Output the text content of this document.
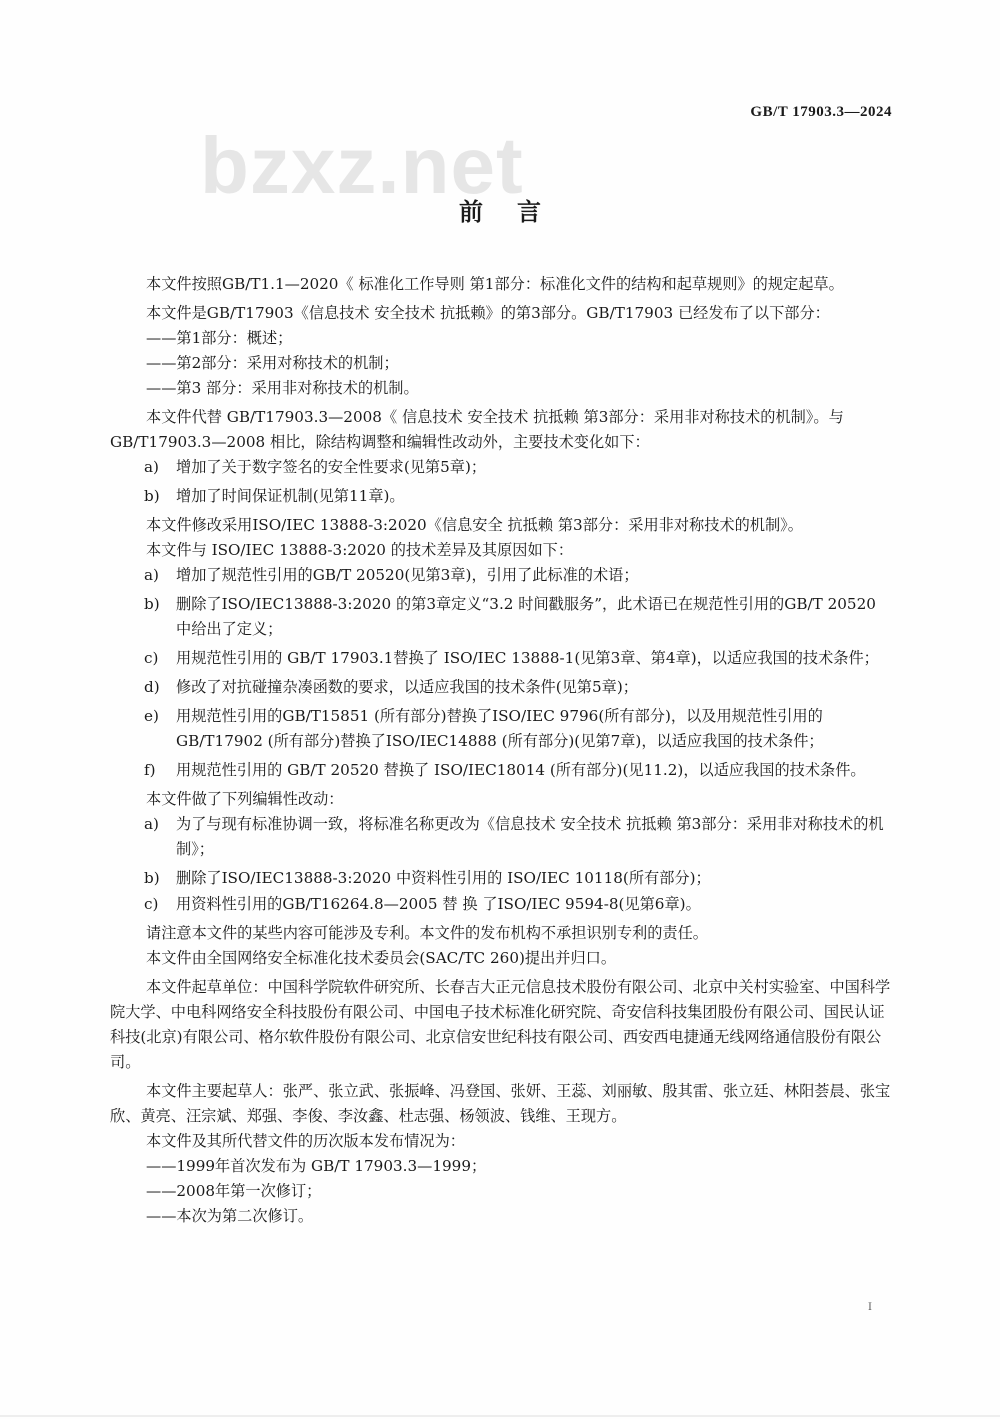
bzxz.net
GB/T 17903.3—2024
前言

本文件按照GB/T1.1—2020《 标准化工作导则 第1部分：标准化文件的结构和起草规则》的规定起草。

本文件是GB/T17903《信息技术 安全技术 抗抵赖》的第3部分。GB/T17903 已经发布了以下部分：

——第1部分：概述；

——第2部分：采用对称技术的机制；

——第3 部分：采用非对称技术的机制。

本文件代替 GB/T17903.3—2008《 信息技术 安全技术 抗抵赖 第3部分：采用非对称技术的机制》。与GB/T17903.3—2008 相比，除结构调整和编辑性改动外，主要技术变化如下：

a) 增加了关于数字签名的安全性要求(见第5章)；
b) 增加了时间保证机制(见第11章)。

本文件修改采用ISO/IEC 13888-3:2020《信息安全 抗抵赖 第3部分：采用非对称技术的机制》。

本文件与 ISO/IEC 13888-3:2020 的技术差异及其原因如下：

a) 增加了规范性引用的GB/T 20520(见第3章)，引用了此标准的术语；
b) 删除了ISO/IEC13888-3:2020 的第3章定义“3.2 时间戳服务”，此术语已在规范性引用的GB/T 20520 中给出了定义；
c) 用规范性引用的 GB/T 17903.1替换了 ISO/IEC 13888-1(见第3章、第4章)，以适应我国的技术条件；
d) 修改了对抗碰撞杂凑函数的要求，以适应我国的技术条件(见第5章)；
e) 用规范性引用的GB/T15851 (所有部分)替换了ISO/IEC 9796(所有部分)，以及用规范性引用的GB/T17902 (所有部分)替换了ISO/IEC14888 (所有部分)(见第7章)，以适应我国的技术条件；
f) 用规范性引用的 GB/T 20520 替换了 ISO/IEC18014 (所有部分)(见11.2)，以适应我国的技术条件。

本文件做了下列编辑性改动：

a) 为了与现有标准协调一致，将标准名称更改为《信息技术 安全技术 抗抵赖 第3部分：采用非对称技术的机制》；
b) 删除了ISO/IEC13888-3:2020 中资料性引用的 ISO/IEC 10118(所有部分)；
c) 用资料性引用的GB/T16264.8—2005 替 换 了ISO/IEC 9594-8(见第6章)。

请注意本文件的某些内容可能涉及专利。本文件的发布机构不承担识别专利的责任。

本文件由全国网络安全标准化技术委员会(SAC/TC 260)提出并归口。

本文件起草单位：中国科学院软件研究所、长春吉大正元信息技术股份有限公司、北京中关村实验室、中国科学院大学、中电科网络安全科技股份有限公司、中国电子技术标准化研究院、奇安信科技集团股份有限公司、国民认证科技(北京)有限公司、格尔软件股份有限公司、北京信安世纪科技有限公司、西安西电捷通无线网络通信股份有限公司。

本文件主要起草人：张严、张立武、张振峰、冯登国、张妍、王蕊、刘丽敏、殷其雷、张立廷、林阳荟晨、张宝欣、黄亮、汪宗斌、郑强、李俊、李汝鑫、杜志强、杨领波、钱维、王现方。

本文件及其所代替文件的历次版本发布情况为：

——1999年首次发布为 GB/T 17903.3—1999；

——2008年第一次修订；

——本次为第二次修订。

I
